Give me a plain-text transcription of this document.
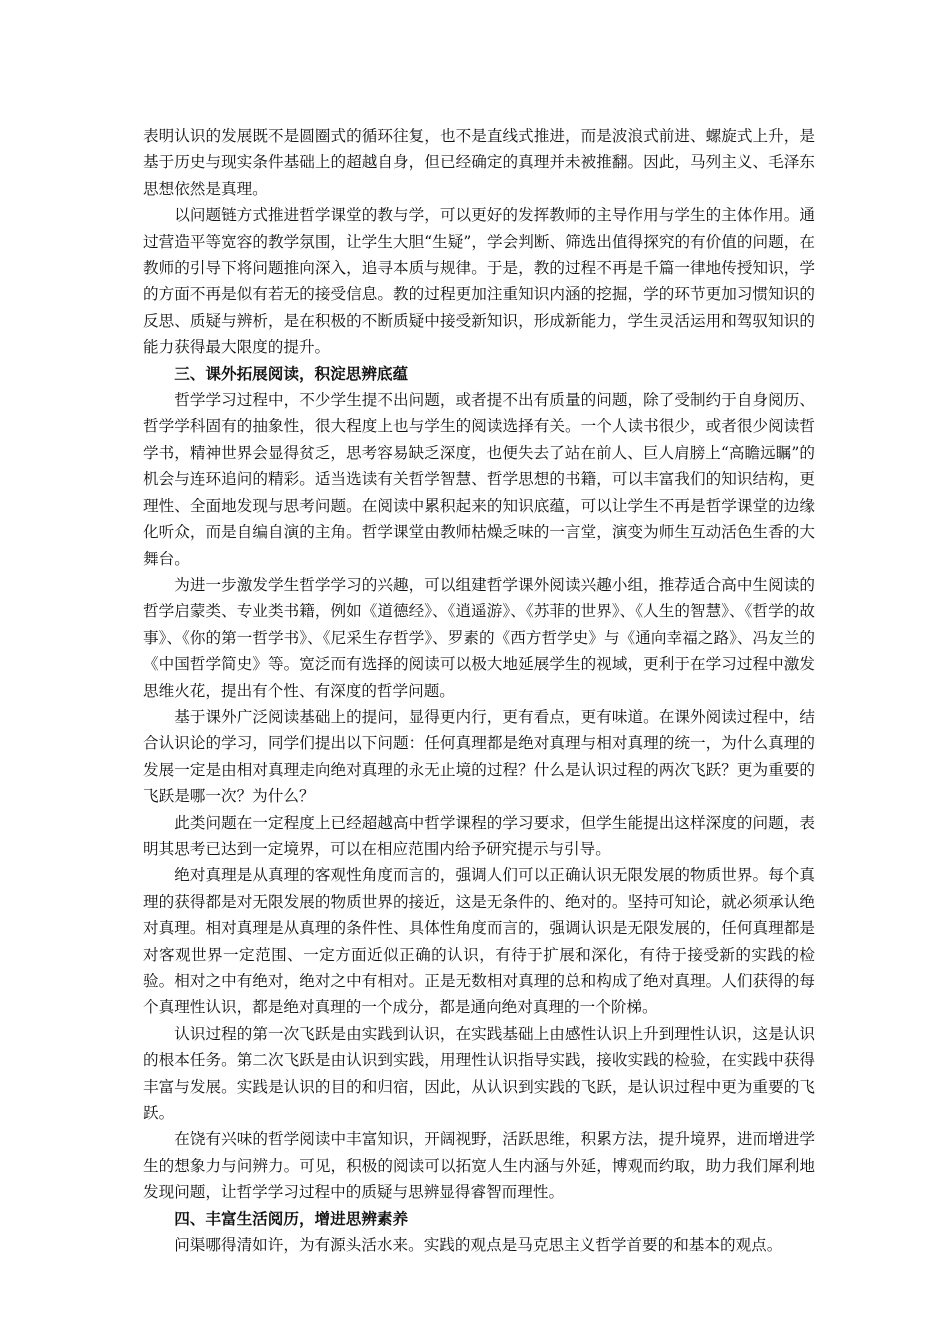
表明认识的发展既不是圆圈式的循环往复，也不是直线式推进，而是波浪式前进、螺旋式上升，是基于历史与现实条件基础上的超越自身，但已经确定的真理并未被推翻。因此，马列主义、毛泽东思想依然是真理。

以问题链方式推进哲学课堂的教与学，可以更好的发挥教师的主导作用与学生的主体作用。通过营造平等宽容的教学氛围，让学生大胆“生疑”，学会判断、筛选出值得探究的有价值的问题，在教师的引导下将问题推向深入，追寻本质与规律。于是，教的过程不再是千篇一律地传授知识，学的方面不再是似有若无的接受信息。教的过程更加注重知识内涵的挖掘，学的环节更加习惯知识的反思、质疑与辨析，是在积极的不断质疑中接受新知识，形成新能力，学生灵活运用和驾驭知识的能力获得最大限度的提升。

三、课外拓展阅读，积淀思辨底蕴

哲学学习过程中，不少学生提不出问题，或者提不出有质量的问题，除了受制约于自身阅历、哲学学科固有的抽象性，很大程度上也与学生的阅读选择有关。一个人读书很少，或者很少阅读哲学书，精神世界会显得贫乏，思考容易缺乏深度，也便失去了站在前人、巨人肩膀上“高瞻远瞩”的机会与连环追问的精彩。适当选读有关哲学智慧、哲学思想的书籍，可以丰富我们的知识结构，更理性、全面地发现与思考问题。在阅读中累积起来的知识底蕴，可以让学生不再是哲学课堂的边缘化听众，而是自编自演的主角。哲学课堂由教师枯燥乏味的一言堂，演变为师生互动活色生香的大舞台。

为进一步激发学生哲学学习的兴趣，可以组建哲学课外阅读兴趣小组，推荐适合高中生阅读的哲学启蒙类、专业类书籍，例如《道德经》、《逍遥游》、《苏菲的世界》、《人生的智慧》、《哲学的故事》、《你的第一哲学书》、《尼采生存哲学》、罗素的《西方哲学史》与《通向幸福之路》、冯友兰的《中国哲学简史》等。宽泛而有选择的阅读可以极大地延展学生的视域，更利于在学习过程中激发思维火花，提出有个性、有深度的哲学问题。

基于课外广泛阅读基础上的提问，显得更内行，更有看点，更有味道。在课外阅读过程中，结合认识论的学习，同学们提出以下问题：任何真理都是绝对真理与相对真理的统一，为什么真理的发展一定是由相对真理走向绝对真理的永无止境的过程？什么是认识过程的两次飞跃？更为重要的飞跃是哪一次？为什么？

此类问题在一定程度上已经超越高中哲学课程的学习要求，但学生能提出这样深度的问题，表明其思考已达到一定境界，可以在相应范围内给予研究提示与引导。

绝对真理是从真理的客观性角度而言的，强调人们可以正确认识无限发展的物质世界。每个真理的获得都是对无限发展的物质世界的接近，这是无条件的、绝对的。坚持可知论，就必须承认绝对真理。相对真理是从真理的条件性、具体性角度而言的，强调认识是无限发展的，任何真理都是对客观世界一定范围、一定方面近似正确的认识，有待于扩展和深化，有待于接受新的实践的检验。相对之中有绝对，绝对之中有相对。正是无数相对真理的总和构成了绝对真理。人们获得的每个真理性认识，都是绝对真理的一个成分，都是通向绝对真理的一个阶梯。

认识过程的第一次飞跃是由实践到认识，在实践基础上由感性认识上升到理性认识，这是认识的根本任务。第二次飞跃是由认识到实践，用理性认识指导实践，接收实践的检验，在实践中获得丰富与发展。实践是认识的目的和归宿，因此，从认识到实践的飞跃，是认识过程中更为重要的飞跃。

在饶有兴味的哲学阅读中丰富知识，开阔视野，活跃思维，积累方法，提升境界，进而增进学生的想象力与问辨力。可见，积极的阅读可以拓宽人生内涵与外延，博观而约取，助力我们犀利地发现问题，让哲学学习过程中的质疑与思辨显得睿智而理性。

四、丰富生活阅历，增进思辨素养

问渠哪得清如许，为有源头活水来。实践的观点是马克思主义哲学首要的和基本的观点。
